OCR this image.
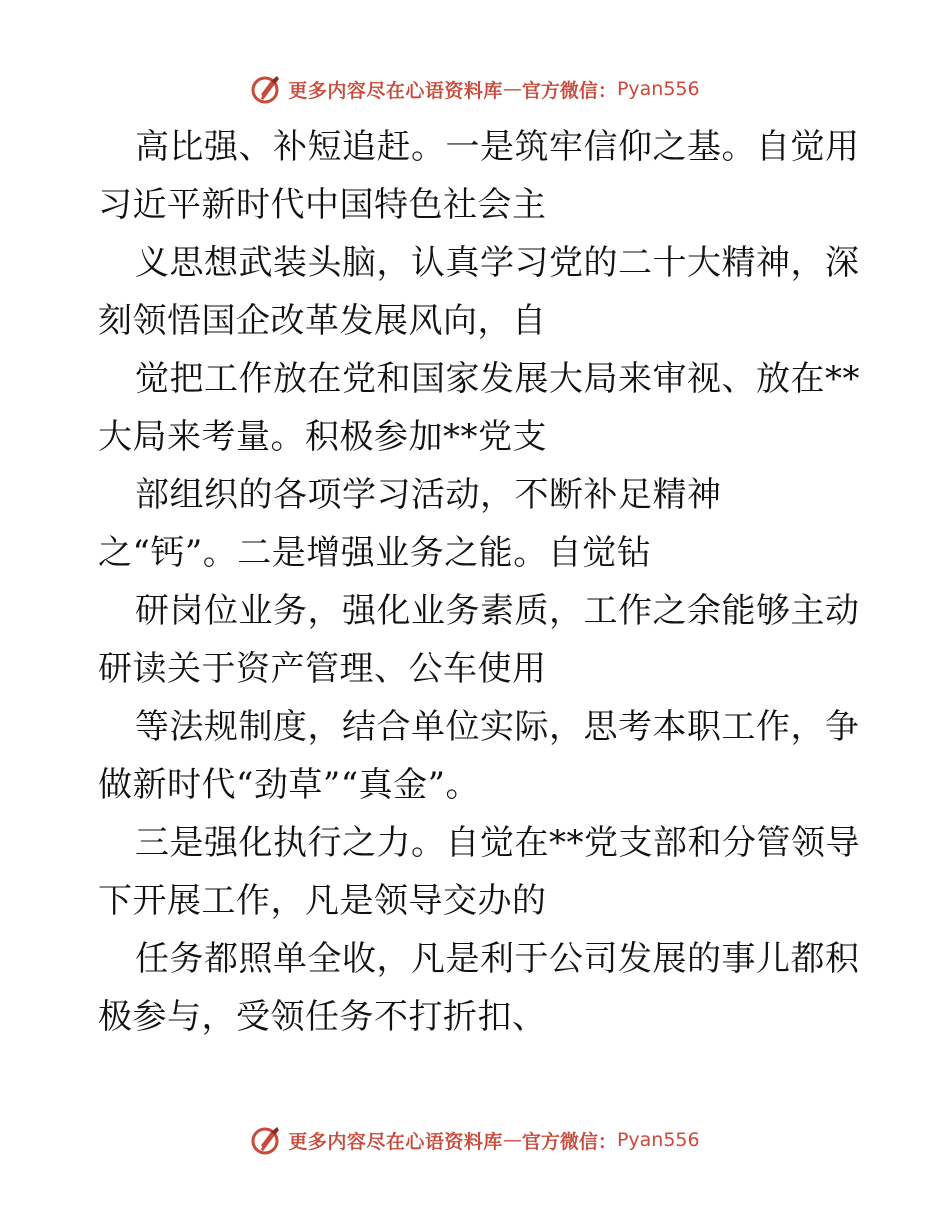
更多内容尽在心语资料库 — 官方微信： Pyan556
高比强、补短追赶。一是筑牢信仰之基。自觉用
习近平新时代中国特色社会主
义思想武装头脑，认真学习党的二十大精神，深
刻领悟国企改革发展风向，自
觉把工作放在党和国家发展大局来审视、放在**
大局来考量。积极参加**党支
部组织的各项学习活动，不断补足精神
之“钙”。二是增强业务之能。自觉钻
研岗位业务，强化业务素质，工作之余能够主动
研读关于资产管理、公车使用
等法规制度，结合单位实际，思考本职工作，争
做新时代“劲草”“真金”。
三是强化执行之力。自觉在**党支部和分管领导
下开展工作，凡是领导交办的
任务都照单全收，凡是利于公司发展的事儿都积
极参与，受领任务不打折扣、
更多内容尽在心语资料库 — 官方微信： Pyan556
